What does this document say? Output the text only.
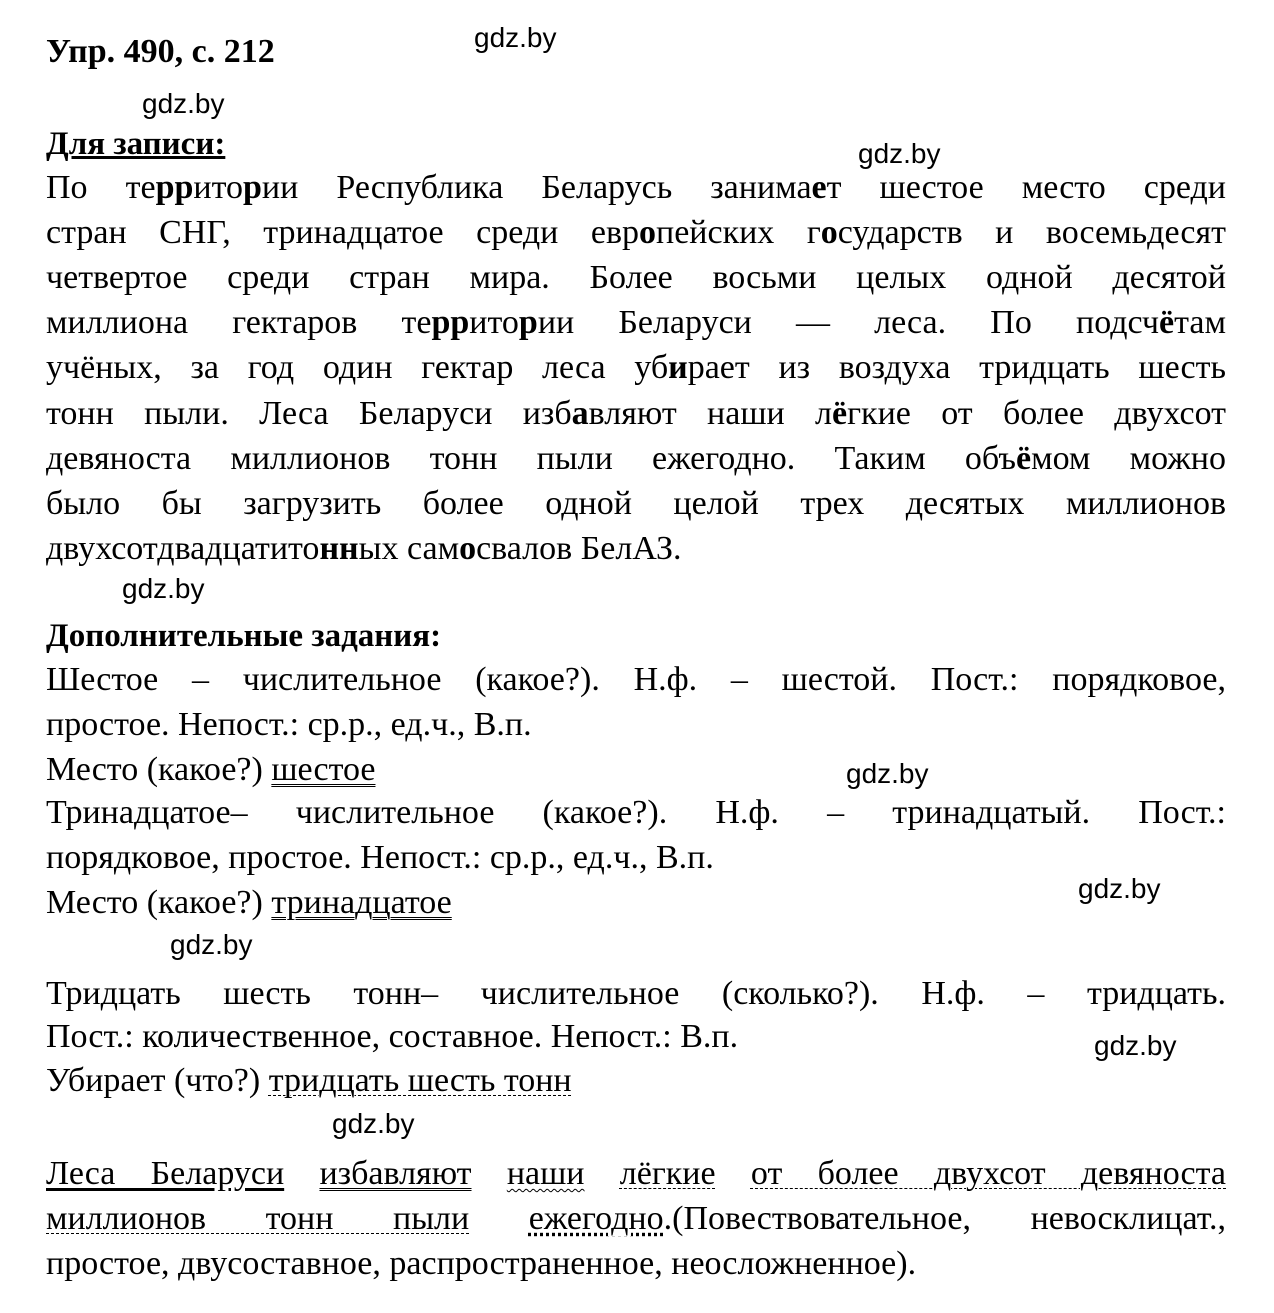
Упр. 490, с. 212	gdz.by
gdz.by
gdz.by
gdz.by
gdz.by
gdz.by
gdz.by
gdz.by
gdz.by
Для записи:
По территории Республика Беларусь занимает шестое место среди
стран СНГ, тринадцатое среди европейских государств и восемьдесят
четвертое среди стран мира. Более восьми целых одной десятой
миллиона гектаров территории Беларуси — леса. По подсчётам
учёных, за год один гектар леса убирает из воздуха тридцать шесть
тонн пыли. Леса Беларуси избавляют наши лёгкие от более двухсот
девяноста миллионов тонн пыли ежегодно. Таким объёмом можно
было бы загрузить более одной целой трех десятых миллионов
двухсотдвадцатитонных самосвалов БелАЗ.
Дополнительные задания:
Шестое – числительное (какое?). Н.ф. – шестой. Пост.: порядковое,
простое. Непост.: ср.р., ед.ч., В.п.
Место (какое?) шестое
Тринадцатое– числительное (какое?). Н.ф. – тринадцатый. Пост.:
порядковое, простое. Непост.: ср.р., ед.ч., В.п.
Место (какое?) тринадцатое
Тридцать шесть тонн– числительное (сколько?). Н.ф. – тридцать.
Пост.: количественное, составное. Непост.: В.п.
Убирает (что?) тридцать шесть тонн
Леса Беларуси избавляют наши лёгкие от более двухсот девяноста
миллионов тонн пыли ежегодно.(Повествовательное, невосклицат.,
простое, двусоставное, распространенное, неосложненное).
